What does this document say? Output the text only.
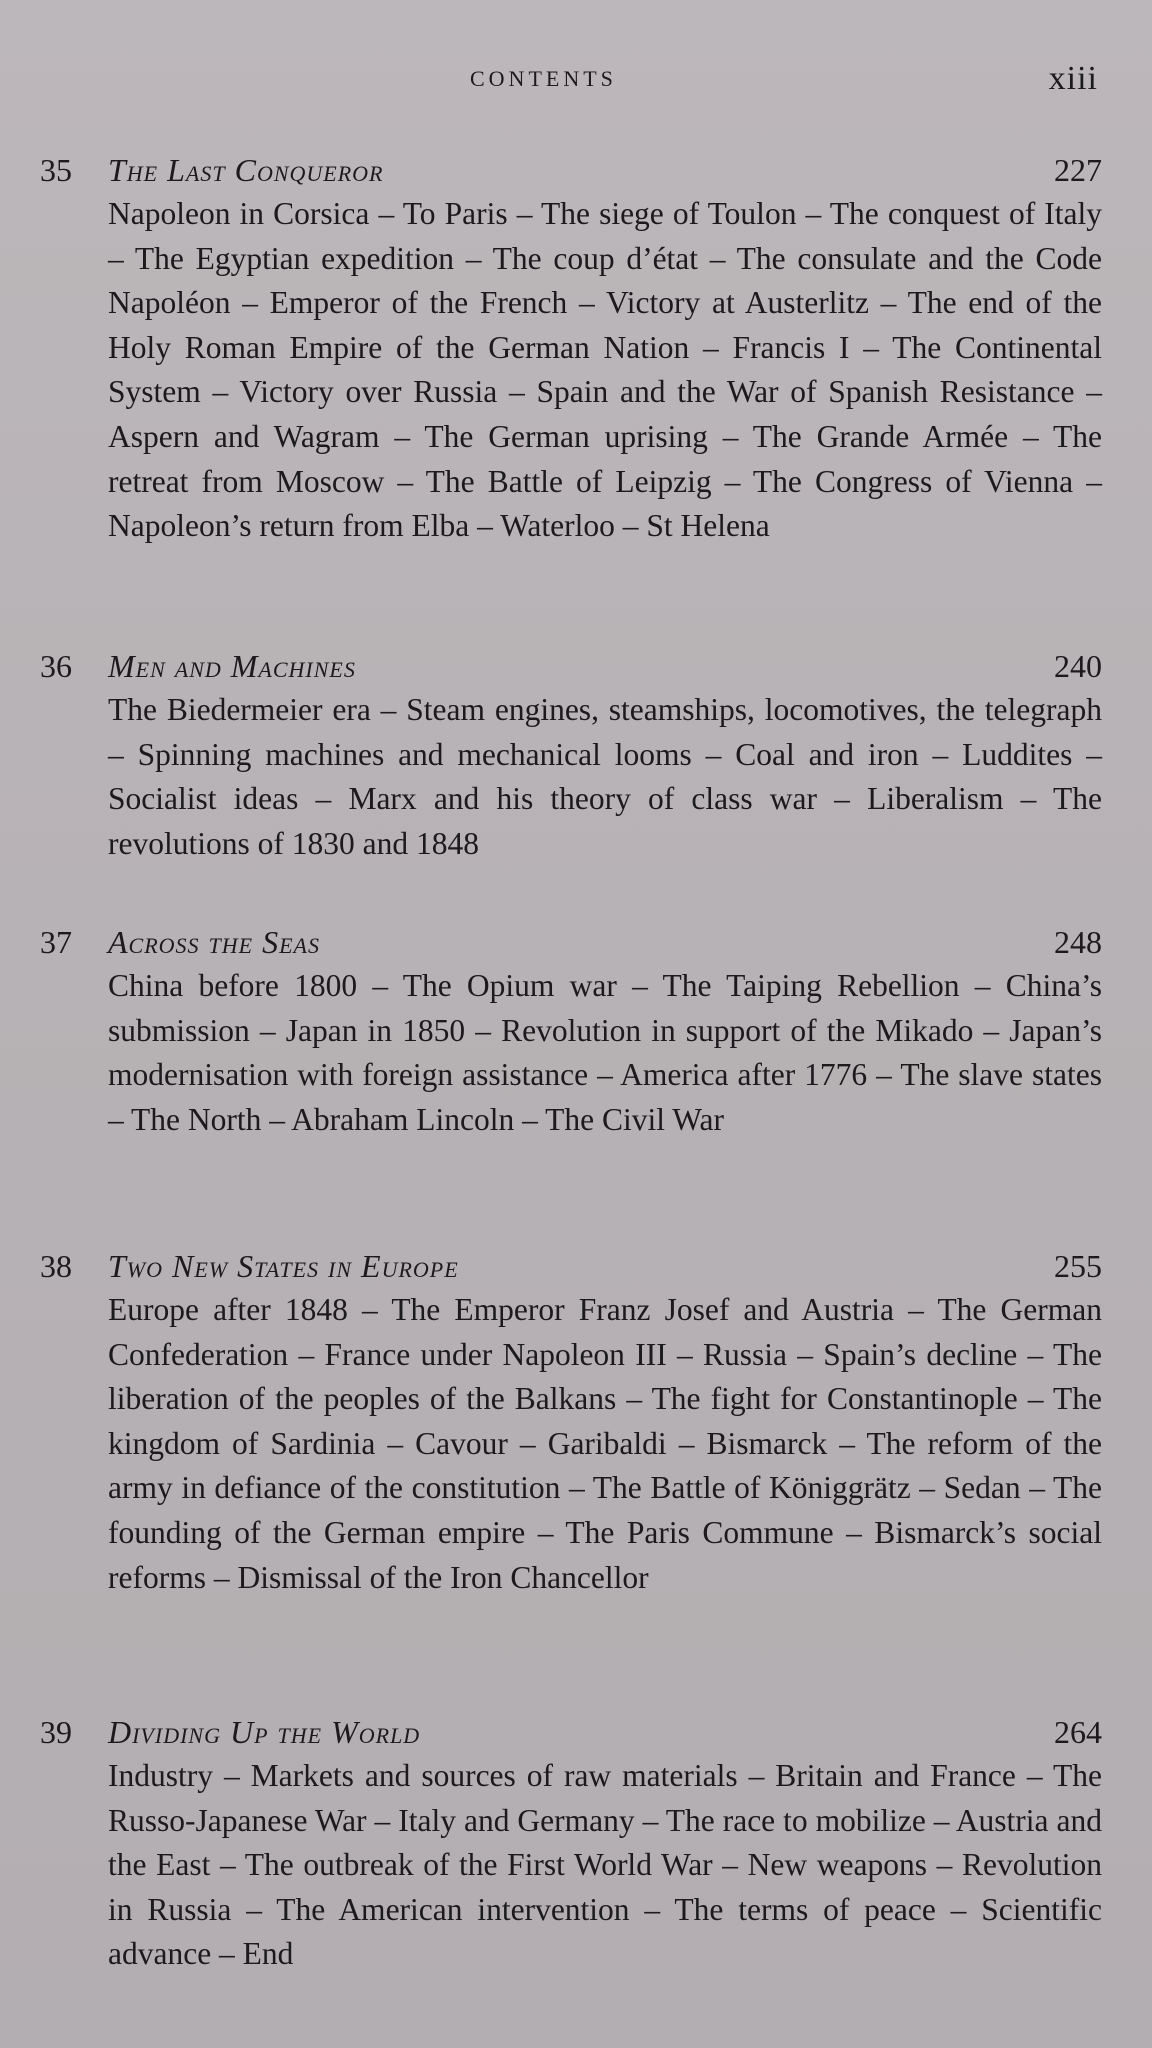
CONTENTS	xiii
35 The Last Conqueror	227
Napoleon in Corsica – To Paris – The siege of Toulon – The conquest of Italy – The Egyptian expedition – The coup d’état – The consulate and the Code Napoléon – Emperor of the French – Victory at Austerlitz – The end of the Holy Roman Empire of the German Nation – Francis I – The Continental System – Victory over Russia – Spain and the War of Spanish Resistance – Aspern and Wagram – The German uprising – The Grande Armée – The retreat from Moscow – The Battle of Leipzig – The Congress of Vienna – Napoleon’s return from Elba – Waterloo – St Helena
36 Men and Machines	240
The Biedermeier era – Steam engines, steamships, locomotives, the telegraph – Spinning machines and mechanical looms – Coal and iron – Luddites – Socialist ideas – Marx and his theory of class war – Liberalism – The revolutions of 1830 and 1848
37 Across the Seas	248
China before 1800 – The Opium war – The Taiping Rebellion – China’s submission – Japan in 1850 – Revolution in support of the Mikado – Japan’s modernisation with foreign assistance – America after 1776 – The slave states – The North – Abraham Lincoln – The Civil War
38 Two New States in Europe	255
Europe after 1848 – The Emperor Franz Josef and Austria – The German Confederation – France under Napoleon III – Russia – Spain’s decline – The liberation of the peoples of the Balkans – The fight for Constantinople – The kingdom of Sardinia – Cavour – Garibaldi – Bismarck – The reform of the army in defiance of the constitution – The Battle of Königgrätz – Sedan – The founding of the German empire – The Paris Commune – Bismarck’s social reforms – Dismissal of the Iron Chancellor
39 Dividing Up the World	264
Industry – Markets and sources of raw materials – Britain and France – The Russo-Japanese War – Italy and Germany – The race to mobilize – Austria and the East – The outbreak of the First World War – New weapons – Revolution in Russia – The American intervention – The terms of peace – Scientific advance – End
